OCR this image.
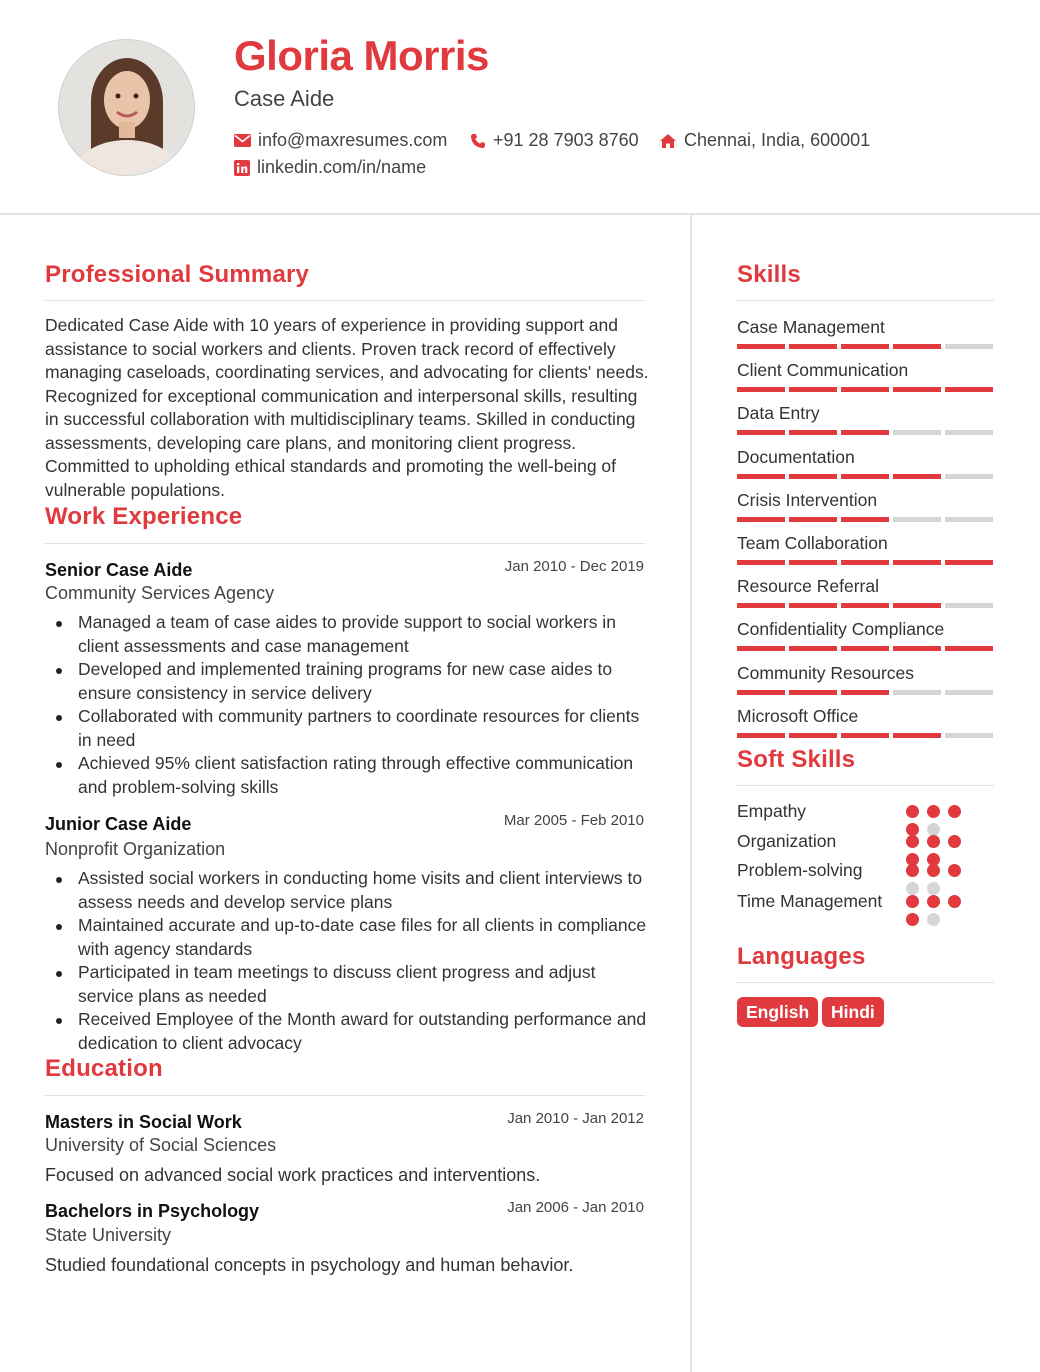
Gloria Morris
Case Aide
info@maxresumes.com	+91 28 7903 8760	Chennai, India, 600001
linkedin.com/in/name
Professional Summary
Dedicated Case Aide with 10 years of experience in providing support and assistance to social workers and clients. Proven track record of effectively managing caseloads, coordinating services, and advocating for clients' needs. Recognized for exceptional communication and interpersonal skills, resulting in successful collaboration with multidisciplinary teams. Skilled in conducting assessments, developing care plans, and monitoring client progress. Committed to upholding ethical standards and promoting the well-being of vulnerable populations.
Work Experience
Senior Case Aide	Jan 2010 - Dec 2019
Community Services Agency
Managed a team of case aides to provide support to social workers in client assessments and case management
Developed and implemented training programs for new case aides to ensure consistency in service delivery
Collaborated with community partners to coordinate resources for clients in need
Achieved 95% client satisfaction rating through effective communication and problem-solving skills
Junior Case Aide	Mar 2005 - Feb 2010
Nonprofit Organization
Assisted social workers in conducting home visits and client interviews to assess needs and develop service plans
Maintained accurate and up-to-date case files for all clients in compliance with agency standards
Participated in team meetings to discuss client progress and adjust service plans as needed
Received Employee of the Month award for outstanding performance and dedication to client advocacy
Education
Masters in Social Work	Jan 2010 - Jan 2012
University of Social Sciences
Focused on advanced social work practices and interventions.
Bachelors in Psychology	Jan 2006 - Jan 2010
State University
Studied foundational concepts in psychology and human behavior.
Skills
Case Management
Client Communication
Data Entry
Documentation
Crisis Intervention
Team Collaboration
Resource Referral
Confidentiality Compliance
Community Resources
Microsoft Office
Soft Skills
Empathy
Organization
Problem-solving
Time Management
Languages
English	Hindi
